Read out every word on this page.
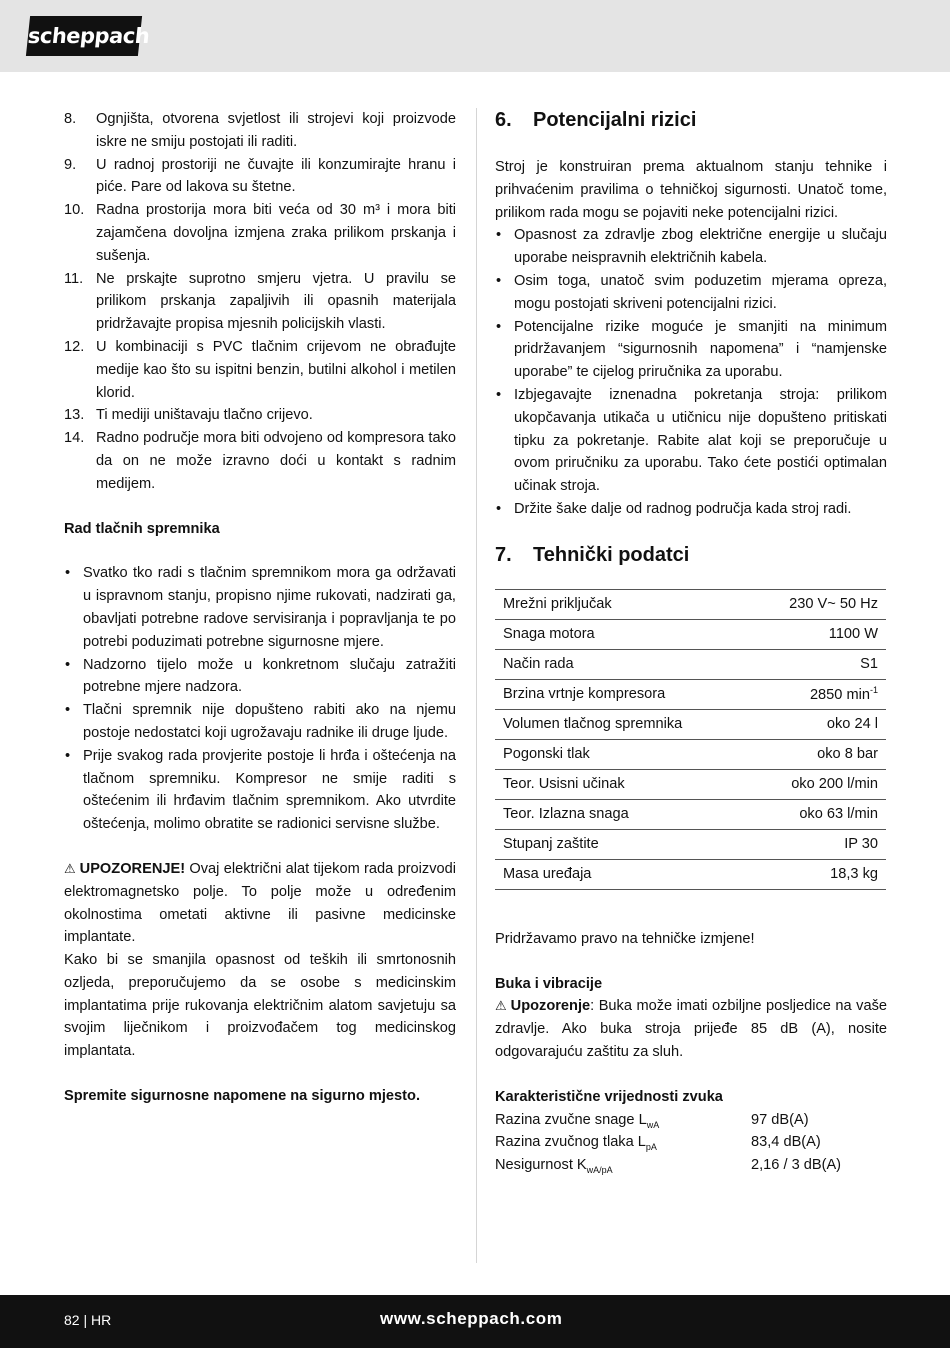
scheppach
8. Ognjišta, otvorena svjetlost ili strojevi koji proizvode iskre ne smiju postojati ili raditi.
9. U radnoj prostoriji ne čuvajte ili konzumirajte hranu i piće. Pare od lakova su štetne.
10. Radna prostorija mora biti veća od 30 m³ i mora biti zajamčena dovoljna izmjena zraka prilikom prskanja i sušenja.
11. Ne prskajte suprotno smjeru vjetra. U pravilu se prilikom prskanja zapaljivih ili opasnih materijala pridržavajte propisa mjesnih policijskih vlasti.
12. U kombinaciji s PVC tlačnim crijevom ne obrađujte medije kao što su ispitni benzin, butilni alkohol i metilen klorid.
13. Ti mediji uništavaju tlačno crijevo.
14. Radno područje mora biti odvojeno od kompresora tako da on ne može izravno doći u kontakt s radnim medijem.
Rad tlačnih spremnika
• Svatko tko radi s tlačnim spremnikom mora ga održavati u ispravnom stanju, propisno njime rukovati, nadzirati ga, obavljati potrebne radove servisiranja i popravljanja te po potrebi poduzimati potrebne sigurnosne mjere.
• Nadzorno tijelo može u konkretnom slučaju zatražiti potrebne mjere nadzora.
• Tlačni spremnik nije dopušteno rabiti ako na njemu postoje nedostatci koji ugrožavaju radnike ili druge ljude.
• Prije svakog rada provjerite postoje li hrđa i oštećenja na tlačnom spremniku. Kompresor ne smije raditi s oštećenim ili hrđavim tlačnim spremnikom. Ako utvrdite oštećenja, molimo obratite se radionici servisne službe.

⚠ UPOZORENJE! Ovaj električni alat tijekom rada proizvodi elektromagnetsko polje. To polje može u određenim okolnostima ometati aktivne ili pasivne medicinske implantate.

Kako bi se smanjila opasnost od teških ili smrtonosnih ozljeda, preporučujemo da se osobe s medicinskim implantatima prije rukovanja električnim alatom savjetuju sa svojim liječnikom i proizvođačem tog medicinskog implantata.

Spremite sigurnosne napomene na sigurno mjesto.

6. Potencijalni rizici

Stroj je konstruiran prema aktualnom stanju tehnike i prihvaćenim pravilima o tehničkoj sigurnosti. Unatoč tome, prilikom rada mogu se pojaviti neke potencijalni rizici.

• Opasnost za zdravlje zbog električne energije u slučaju uporabe neispravnih električnih kabela.
• Osim toga, unatoč svim poduzetim mjerama opreza, mogu postojati skriveni potencijalni rizici.
• Potencijalne rizike moguće je smanjiti na minimum pridržavanjem “sigurnosnih napomena” i “namjenske uporabe” te cijelog priručnika za uporabu.
• Izbjegavajte iznenadna pokretanja stroja: prilikom ukopčavanja utikača u utičnicu nije dopušteno pritiskati tipku za pokretanje. Rabite alat koji se preporučuje u ovom priručniku za uporabu. Tako ćete postići optimalan učinak stroja.
• Držite šake dalje od radnog područja kada stroj radi.
7. Tehnički podatci
Mrežni priključak	230 V~ 50 Hz
Snaga motora	1100 W
Način rada	S1
Brzina vrtnje kompresora	2850 $\min^{-1}$
Volumen tlačnog spremnika	oko 24 l
Pogonski tlak	oko 8 bar
Teor. Usisni učinak	oko 200 l/min
Teor. Izlazna snaga	oko 63 l/min
Stupanj zaštite	IP 30
Masa uređaja	18,3 kg

Pridržavamo pravo na tehničke izmjene!

Buka i vibracije

⚠ Upozorenje: Buka može imati ozbiljne posljedice na vaše zdravlje. Ako buka stroja prijeđe 85 dB (A), nosite odgovarajuću zaštitu za sluh.

Karakteristične vrijednosti zvuka
Razina zvučne snage $L_{wA}$	97 dB(A)
Razina zvučnog tlaka $L_{pA}$	83,4 dB(A)
Nesigurnost $K_{wA/pA}$	2,16 / 3 dB(A)
82 | HR	www.scheppach.com
